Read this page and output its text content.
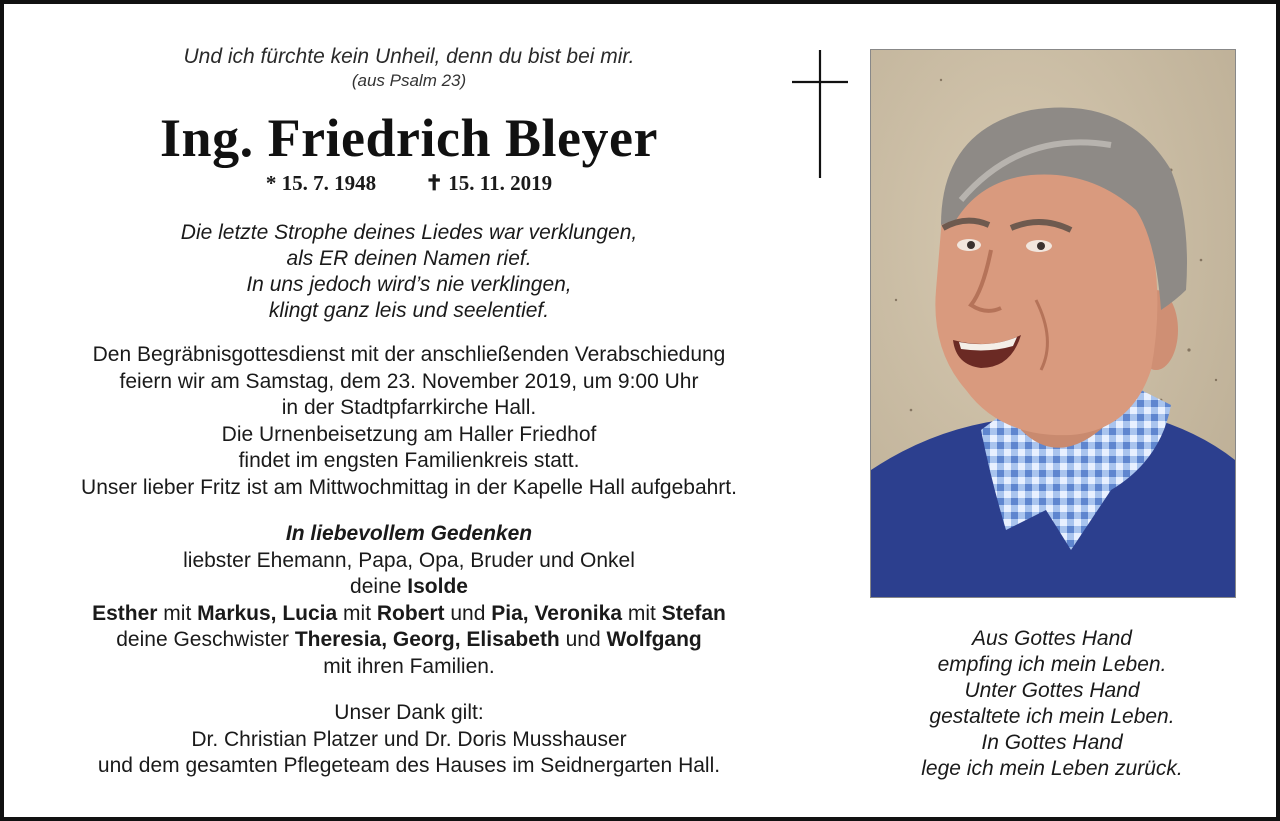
Und ich fürchte kein Unheil, denn du bist bei mir.
(aus Psalm 23)
Ing. Friedrich Bleyer
* 15. 7. 1948 ✝ 15. 11. 2019
Die letzte Strophe deines Liedes war verklungen,
als ER deinen Namen rief.
In uns jedoch wird’s nie verklingen,
klingt ganz leis und seelentief.
Den Begräbnisgottesdienst mit der anschließenden Verabschiedung
feiern wir am Samstag, dem 23. November 2019, um 9:00 Uhr
in der Stadtpfarrkirche Hall.
Die Urnenbeisetzung am Haller Friedhof
findet im engsten Familienkreis statt.
Unser lieber Fritz ist am Mittwochmittag in der Kapelle Hall aufgebahrt.
In liebevollem Gedenken
liebster Ehemann, Papa, Opa, Bruder und Onkel
deine Isolde
Esther mit Markus, Lucia mit Robert und Pia, Veronika mit Stefan
deine Geschwister Theresia, Georg, Elisabeth und Wolfgang
mit ihren Familien.
Unser Dank gilt:
Dr. Christian Platzer und Dr. Doris Musshauser
und dem gesamten Pflegeteam des Hauses im Seidnergarten Hall.
Aus Gottes Hand
empfing ich mein Leben.
Unter Gottes Hand
gestaltete ich mein Leben.
In Gottes Hand
lege ich mein Leben zurück.
